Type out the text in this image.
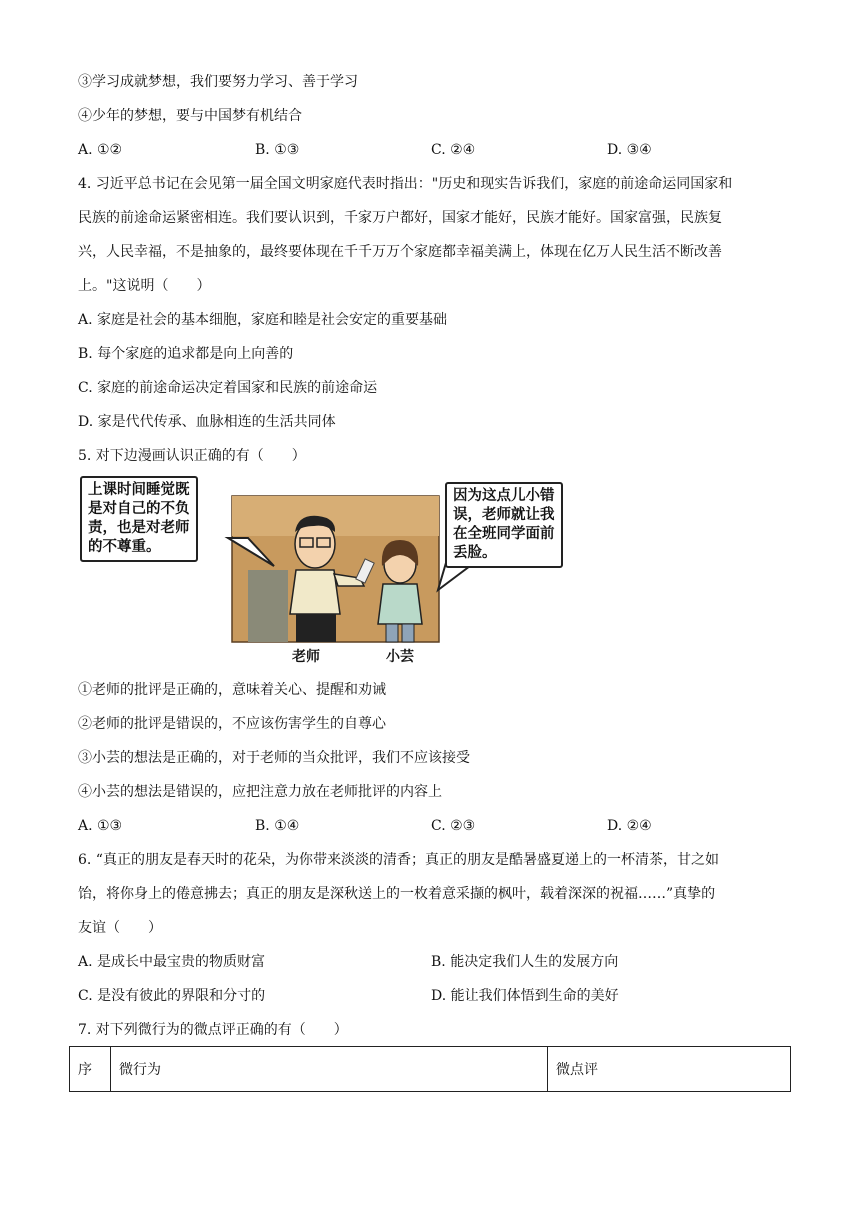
③学习成就梦想，我们要努力学习、善于学习
④少年的梦想，要与中国梦有机结合
A. ①②	B. ①③	C. ②④	D. ③④
4. 习近平总书记在会见第一届全国文明家庭代表时指出："历史和现实告诉我们，家庭的前途命运同国家和
民族的前途命运紧密相连。我们要认识到，千家万户都好，国家才能好，民族才能好。国家富强，民族复
兴，人民幸福，不是抽象的，最终要体现在千千万万个家庭都幸福美满上，体现在亿万人民生活不断改善
上。"这说明（　　）
A. 家庭是社会的基本细胞，家庭和睦是社会安定的重要基础
B. 每个家庭的追求都是向上向善的
C. 家庭的前途命运决定着国家和民族的前途命运
D. 家是代代传承、血脉相连的生活共同体
5. 对下边漫画认识正确的有（　　）
上课时间睡觉既
是对自己的不负
责，也是对老师
的不尊重。
因为这点儿小错
误，老师就让我
在全班同学面前
丢脸。
老师	小芸
①老师的批评是正确的，意味着关心、提醒和劝诫
②老师的批评是错误的，不应该伤害学生的自尊心
③小芸的想法是正确的，对于老师的当众批评，我们不应该接受
④小芸的想法是错误的，应把注意力放在老师批评的内容上
A. ①③	B. ①④	C. ②③	D. ②④
6. “真正的朋友是春天时的花朵，为你带来淡淡的清香；真正的朋友是酷暑盛夏递上的一杯清茶，甘之如
饴，将你身上的倦意拂去；真正的朋友是深秋送上的一枚着意采撷的枫叶，载着深深的祝福……”真挚的
友谊（　　）
A. 是成长中最宝贵的物质财富	B. 能决定我们人生的发展方向
C. 是没有彼此的界限和分寸的	D. 能让我们体悟到生命的美好
7. 对下列微行为的微点评正确的有（　　）
序	微行为	微点评
